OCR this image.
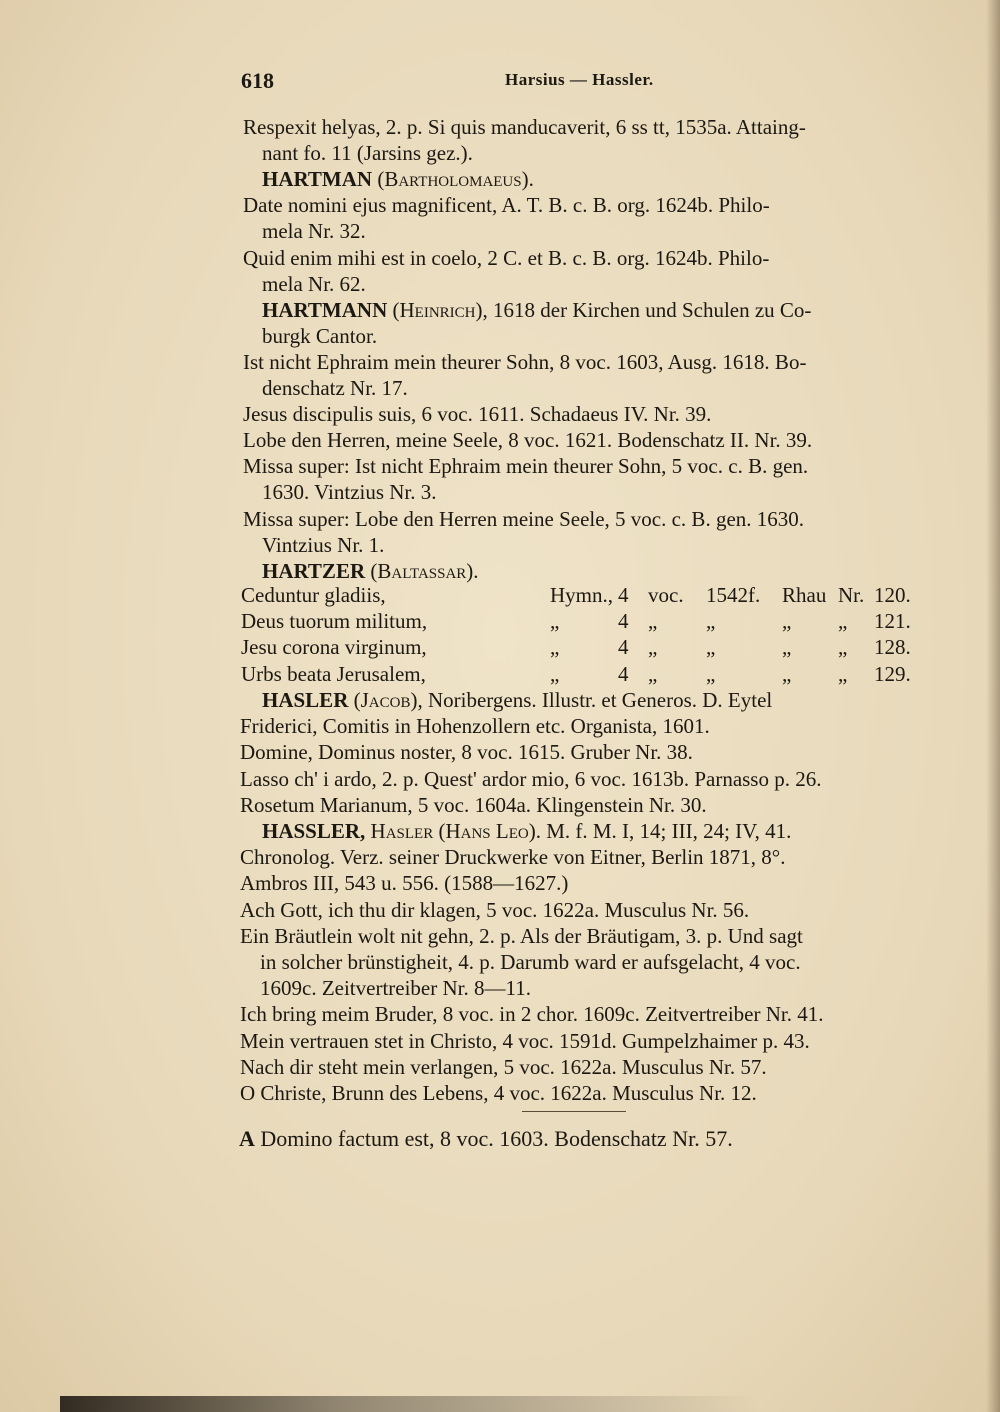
618	Harsius — Hassler.
Respexit helyas, 2. p. Si quis manducaverit, 6 ss tt, 1535a. Attaing-
nant fo. 11 (Jarsins gez.).
HARTMAN (Bartholomaeus).
Date nomini ejus magnificent, A. T. B. c. B. org. 1624b. Philo-
mela Nr. 32.
Quid enim mihi est in coelo, 2 C. et B. c. B. org. 1624b. Philo-
mela Nr. 62.
HARTMANN (Heinrich), 1618 der Kirchen und Schulen zu Co-
burgk Cantor.
Ist nicht Ephraim mein theurer Sohn, 8 voc. 1603, Ausg. 1618. Bo-
denschatz Nr. 17.
Jesus discipulis suis, 6 voc. 1611. Schadaeus IV. Nr. 39.
Lobe den Herren, meine Seele, 8 voc. 1621. Bodenschatz II. Nr. 39.
Missa super: Ist nicht Ephraim mein theurer Sohn, 5 voc. c. B. gen.
1630. Vintzius Nr. 3.
Missa super: Lobe den Herren meine Seele, 5 voc. c. B. gen. 1630.
Vintzius Nr. 1.
HARTZER (Baltassar).
Ceduntur gladiis,	Hymn., 4 voc. 1542f. Rhau Nr. 120.
Deus tuorum militum,	„	4 „ „	„ „ 121.
Jesu corona virginum,	„	4 „ „	„ „ 128.
Urbs beata Jerusalem,	„	4 „ „	„ „ 129.
HASLER (Jacob), Noribergens. Illustr. et Generos. D. Eytel
Friderici, Comitis in Hohenzollern etc. Organista, 1601.
Domine, Dominus noster, 8 voc. 1615. Gruber Nr. 38.
Lasso ch' i ardo, 2. p. Quest' ardor mio, 6 voc. 1613b. Parnasso p. 26.
Rosetum Marianum, 5 voc. 1604a. Klingenstein Nr. 30.
HASSLER, Hasler (Hans Leo). M. f. M. I, 14; III, 24; IV, 41.
Chronolog. Verz. seiner Druckwerke von Eitner, Berlin 1871, 8°.
Ambros III, 543 u. 556. (1588—1627.)
Ach Gott, ich thu dir klagen, 5 voc. 1622a. Musculus Nr. 56.
Ein Bräutlein wolt nit gehn, 2. p. Als der Bräutigam, 3. p. Und sagt
in solcher brünstigheit, 4. p. Darumb ward er aufsgelacht, 4 voc.
1609c. Zeitvertreiber Nr. 8—11.
Ich bring meim Bruder, 8 voc. in 2 chor. 1609c. Zeitvertreiber Nr. 41.
Mein vertrauen stet in Christo, 4 voc. 1591d. Gumpelzhaimer p. 43.
Nach dir steht mein verlangen, 5 voc. 1622a. Musculus Nr. 57.
O Christe, Brunn des Lebens, 4 voc. 1622a. Musculus Nr. 12.
A Domino factum est, 8 voc. 1603. Bodenschatz Nr. 57.
